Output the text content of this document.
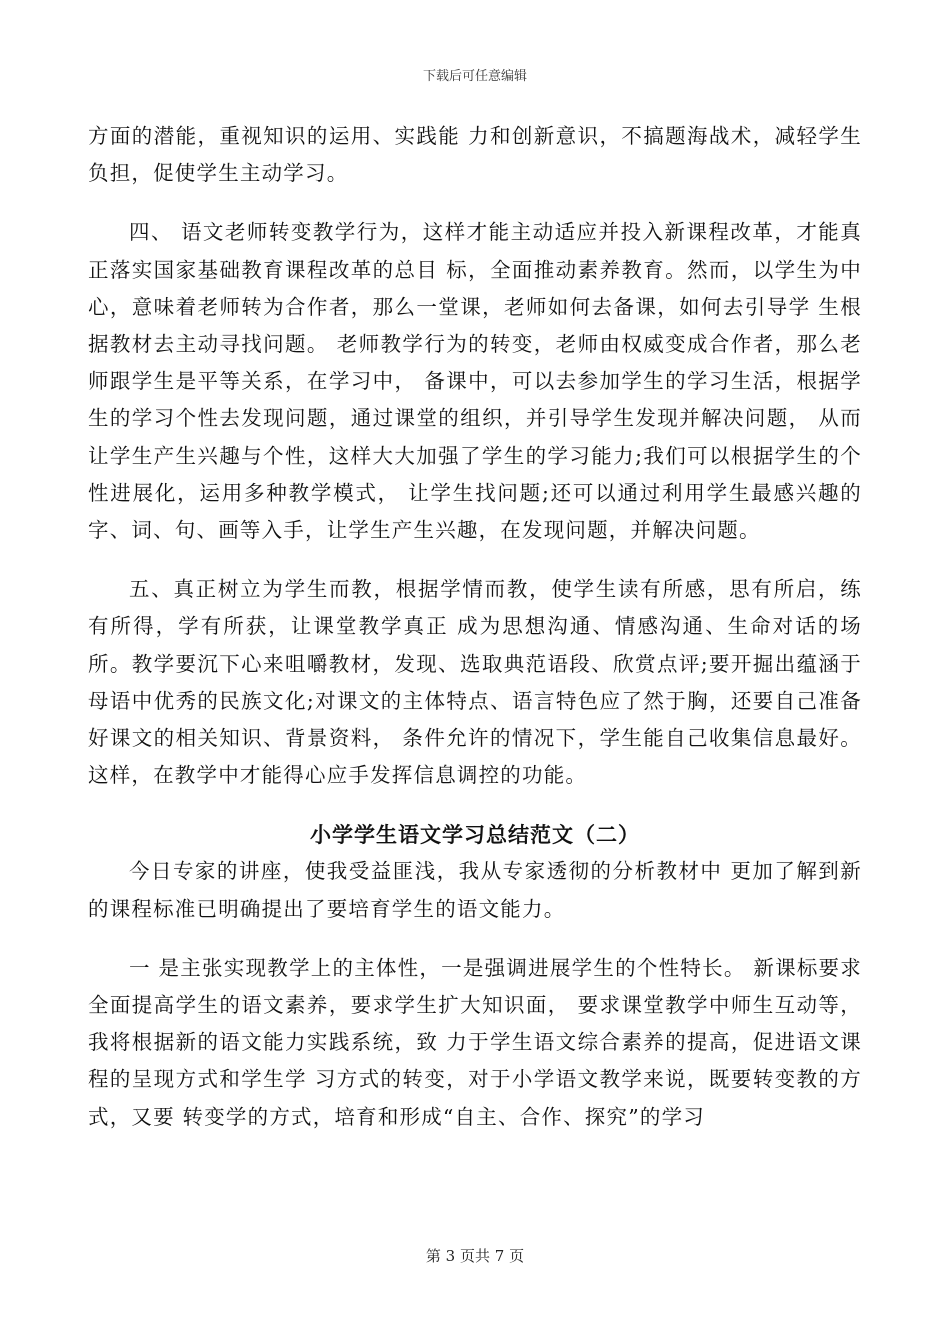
下载后可任意编辑

方面的潜能，重视知识的运用、实践能 力和创新意识，不搞题海战术，减轻学生负担，促使学生主动学习。

四、 语文老师转变教学行为，这样才能主动适应并投入新课程改革，才能真正落实国家基础教育课程改革的总目 标，全面推动素养教育。然而，以学生为中心，意味着老师转为合作者，那么一堂课，老师如何去备课，如何去引导学 生根据教材去主动寻找问题。 老师教学行为的转变，老师由权威变成合作者，那么老师跟学生是平等关系，在学习中， 备课中，可以去参加学生的学习生活，根据学生的学习个性去发现问题，通过课堂的组织，并引导学生发现并解决问题， 从而让学生产生兴趣与个性，这样大大加强了学生的学习能力;我们可以根据学生的个性进展化，运用多种教学模式， 让学生找问题;还可以通过利用学生最感兴趣的字、词、句、画等入手，让学生产生兴趣，在发现问题，并解决问题。

五、真正树立为学生而教，根据学情而教，使学生读有所感，思有所启，练有所得，学有所获，让课堂教学真正 成为思想沟通、情感沟通、生命对话的场所。教学要沉下心来咀嚼教材，发现、选取典范语段、欣赏点评;要开掘出蕴涵于母语中优秀的民族文化;对课文的主体特点、语言特色应了然于胸，还要自己准备好课文的相关知识、背景资料， 条件允许的情况下，学生能自己收集信息最好。这样，在教学中才能得心应手发挥信息调控的功能。

小学学生语文学习总结范文（二）

今日专家的讲座，使我受益匪浅，我从专家透彻的分析教材中 更加了解到新的课程标准已明确提出了要培育学生的语文能力。

一 是主张实现教学上的主体性，一是强调进展学生的个性特长。 新课标要求全面提高学生的语文素养，要求学生扩大知识面， 要求课堂教学中师生互动等，我将根据新的语文能力实践系统，致 力于学生语文综合素养的提高，促进语文课程的呈现方式和学生学 习方式的转变，对于小学语文教学来说，既要转变教的方式，又要 转变学的方式，培育和形成“自主、合作、探究”的学习

第 3 页共 7 页
